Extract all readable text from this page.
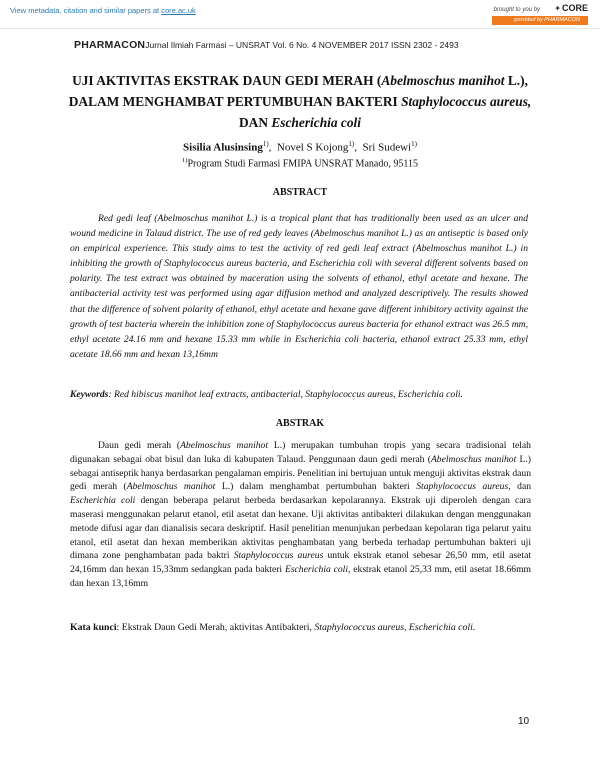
View metadata, citation and similar papers at core.ac.uk	brought to you by ✦CORE
provided by PHARMACON
PHARMACONJurnal Ilmiah Farmasi – UNSRAT Vol. 6 No. 4 NOVEMBER 2017 ISSN 2302 - 2493
UJI AKTIVITAS EKSTRAK DAUN GEDI MERAH (Abelmoschus manihot L.), DALAM MENGHAMBAT PERTUMBUHAN BAKTERI Staphylococcus aureus, DAN Escherichia coli
Sisilia Alusinsing$^{1)}$,  Novel S Kojong$^{1)}$,  Sri Sudewi$^{1)}$
$^{1)}$Program Studi Farmasi FMIPA UNSRAT Manado, 95115
ABSTRACT

Red gedi leaf (Abelmoschus manihot L.) is a tropical plant that has traditionally been used as an ulcer and wound medicine in Talaud district. The use of red gedy leaves (Abelmoschus manihot L.) as an antiseptic is based only on empirical experience. This study aims to test the activity of red gedi leaf extract (Abelmoschus manihot L.) in inhibiting the growth of Staphylococcus aureus bacteria, and Escherichia coli with several different solvents based on polarity. The test extract was obtained by maceration using the solvents of ethanol, ethyl acetate and hexane. The antibacterial activity test was performed using agar diffusion method and analyzed descriptively. The results showed that the difference of solvent polarity of ethanol, ethyl acetate and hexane gave different inhibitory activity against the growth of test bacteria wherein the inhibition zone of Staphylococcus aureus bacteria for ethanol extract was 26.5 mm, ethyl acetate 24.16 mm and hexane 15.33 mm while in Escherichia coli bacteria, ethanol extract 25.33 mm, ethyl acetate 18.66 mm and hexan 13,16mm

Keywords: Red hibiscus manihot leaf extracts, antibacterial, Staphylococcus aureus, Escherichia coli.
ABSTRAK

Daun gedi merah (Abelmoschus manihot L.) merupakan tumbuhan tropis yang secara tradisional telah digunakan sebagai obat bisul dan luka di kabupaten Talaud. Penggunaan daun gedi merah (Abelmoschus manihot L.) sebagai antiseptik hanya berdasarkan pengalaman empiris. Penelitian ini bertujuan untuk menguji aktivitas ekstrak daun gedi merah (Abelmoschus manihot L.) dalam menghambat pertumbuhan bakteri Staphylococcus aureus, dan Escherichia coli dengan beberapa pelarut berbeda berdasarkan kepolarannya. Ekstrak uji diperoleh dengan cara maserasi menggunakan pelarut etanol, etil asetat dan hexane. Uji aktivitas antibakteri dilakukan dengan menggunakan metode difusi agar dan dianalisis secara deskriptif. Hasil penelitian menunjukan perbedaan kepolaran tiga pelarut yaitu etanol, etil asetat dan hexan memberikan aktivitas penghambatan yang berbeda terhadap pertumbuhan bakteri uji dimana zone penghambatan pada baktri Staphylococcus aureus untuk ekstrak etanol sebesar 26,50 mm, etil asetat 24,16mm dan hexan 15,33mm sedangkan pada bakteri Escherichia coli, ekstrak etanol 25,33 mm, etil asetat 18.66mm dan hexan 13,16mm

Kata kunci: Ekstrak Daun Gedi Merah, aktivitas Antibakteri, Staphylococcus aureus, Escherichia coli.
10
